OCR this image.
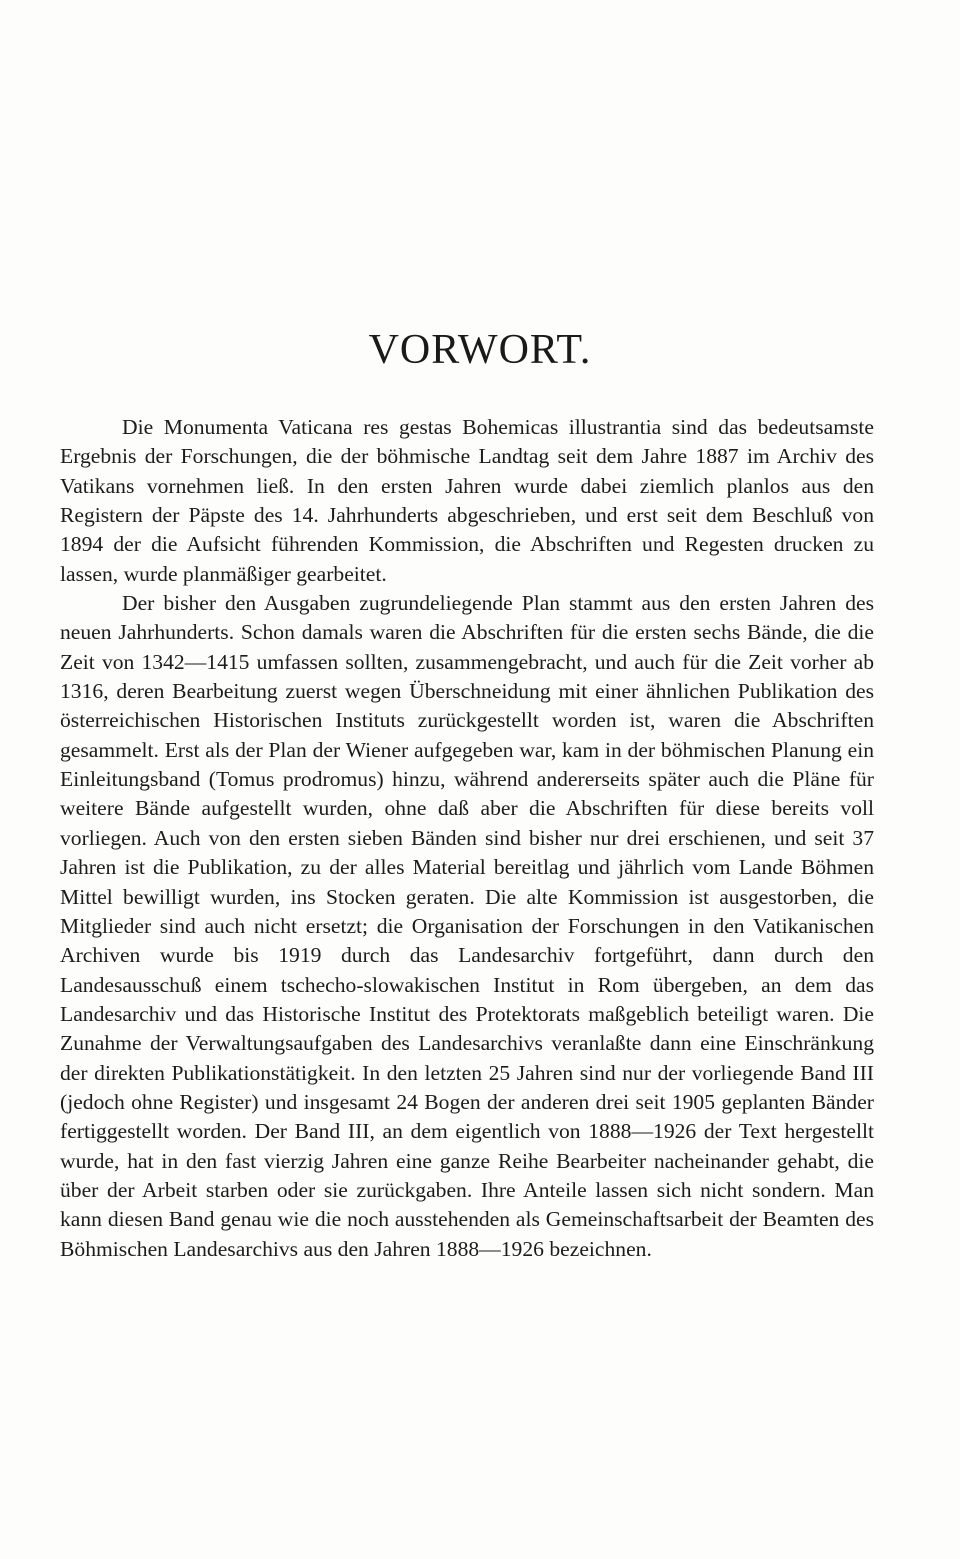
VORWORT.

Die Monumenta Vaticana res gestas Bohemicas illustrantia sind das bedeutsamste Ergebnis der Forschungen, die der böhmische Landtag seit dem Jahre 1887 im Archiv des Vatikans vornehmen ließ. In den ersten Jahren wurde dabei ziemlich planlos aus den Registern der Päpste des 14. Jahrhunderts abgeschrieben, und erst seit dem Beschluß von 1894 der die Aufsicht führenden Kommission, die Abschriften und Regesten drucken zu lassen, wurde planmäßiger gearbeitet.

Der bisher den Ausgaben zugrundeliegende Plan stammt aus den ersten Jahren des neuen Jahrhunderts. Schon damals waren die Abschriften für die ersten sechs Bände, die die Zeit von 1342—1415 umfassen sollten, zusammengebracht, und auch für die Zeit vorher ab 1316, deren Bearbeitung zuerst wegen Überschneidung mit einer ähnlichen Publikation des österreichischen Historischen Instituts zurückgestellt worden ist, waren die Abschriften gesammelt. Erst als der Plan der Wiener aufgegeben war, kam in der böhmischen Planung ein Einleitungsband (Tomus prodromus) hinzu, während andererseits später auch die Pläne für weitere Bände aufgestellt wurden, ohne daß aber die Abschriften für diese bereits voll vorliegen. Auch von den ersten sieben Bänden sind bisher nur drei erschienen, und seit 37 Jahren ist die Publikation, zu der alles Material bereitlag und jährlich vom Lande Böhmen Mittel bewilligt wurden, ins Stocken geraten. Die alte Kommission ist ausgestorben, die Mitglieder sind auch nicht ersetzt; die Organisation der Forschungen in den Vatikanischen Archiven wurde bis 1919 durch das Landesarchiv fortgeführt, dann durch den Landesausschuß einem tschecho-slowakischen Institut in Rom übergeben, an dem das Landesarchiv und das Historische Institut des Protektorats maßgeblich beteiligt waren. Die Zunahme der Verwaltungsaufgaben des Landesarchivs veranlaßte dann eine Einschränkung der direkten Publikationstätigkeit. In den letzten 25 Jahren sind nur der vorliegende Band III (jedoch ohne Register) und insgesamt 24 Bogen der anderen drei seit 1905 geplanten Bänder fertiggestellt worden. Der Band III, an dem eigentlich von 1888—1926 der Text hergestellt wurde, hat in den fast vierzig Jahren eine ganze Reihe Bearbeiter nacheinander gehabt, die über der Arbeit starben oder sie zurückgaben. Ihre Anteile lassen sich nicht sondern. Man kann diesen Band genau wie die noch ausstehenden als Gemeinschaftsarbeit der Beamten des Böhmischen Landesarchivs aus den Jahren 1888—1926 bezeichnen.
